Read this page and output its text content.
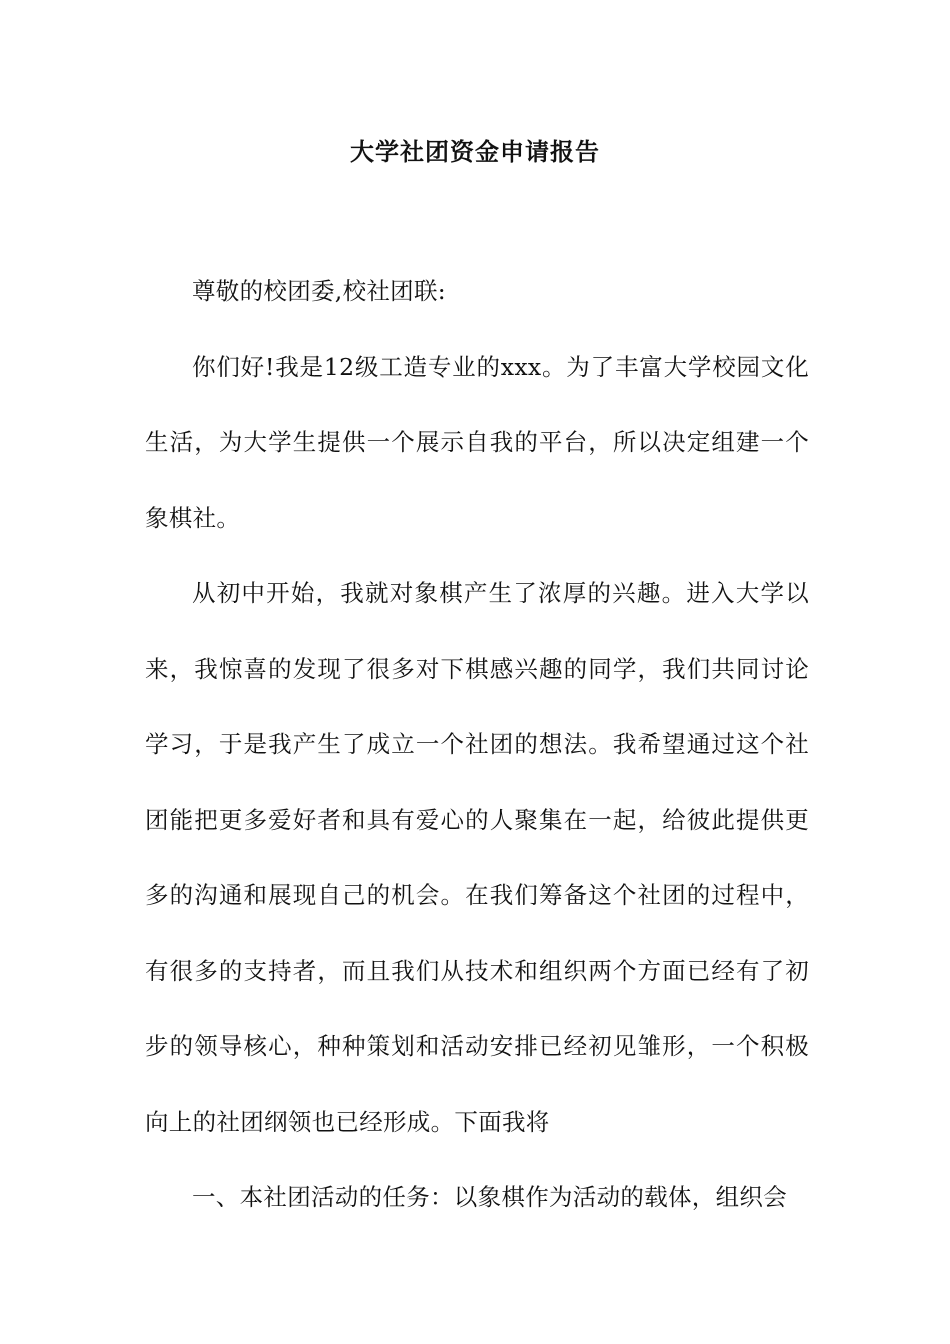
大学社团资金申请报告

尊敬的校团委,校社团联:

你们好!我是12级工造专业的xxx。为了丰富大学校园文化生活，为大学生提供一个展示自我的平台，所以决定组建一个象棋社。

从初中开始，我就对象棋产生了浓厚的兴趣。进入大学以来，我惊喜的发现了很多对下棋感兴趣的同学，我们共同讨论学习，于是我产生了成立一个社团的想法。我希望通过这个社团能把更多爱好者和具有爱心的人聚集在一起，给彼此提供更多的沟通和展现自己的机会。在我们筹备这个社团的过程中，有很多的支持者，而且我们从技术和组织两个方面已经有了初步的领导核心，种种策划和活动安排已经初见雏形，一个积极向上的社团纲领也已经形成。下面我将

一、本社团活动的任务：以象棋作为活动的载体，组织会
